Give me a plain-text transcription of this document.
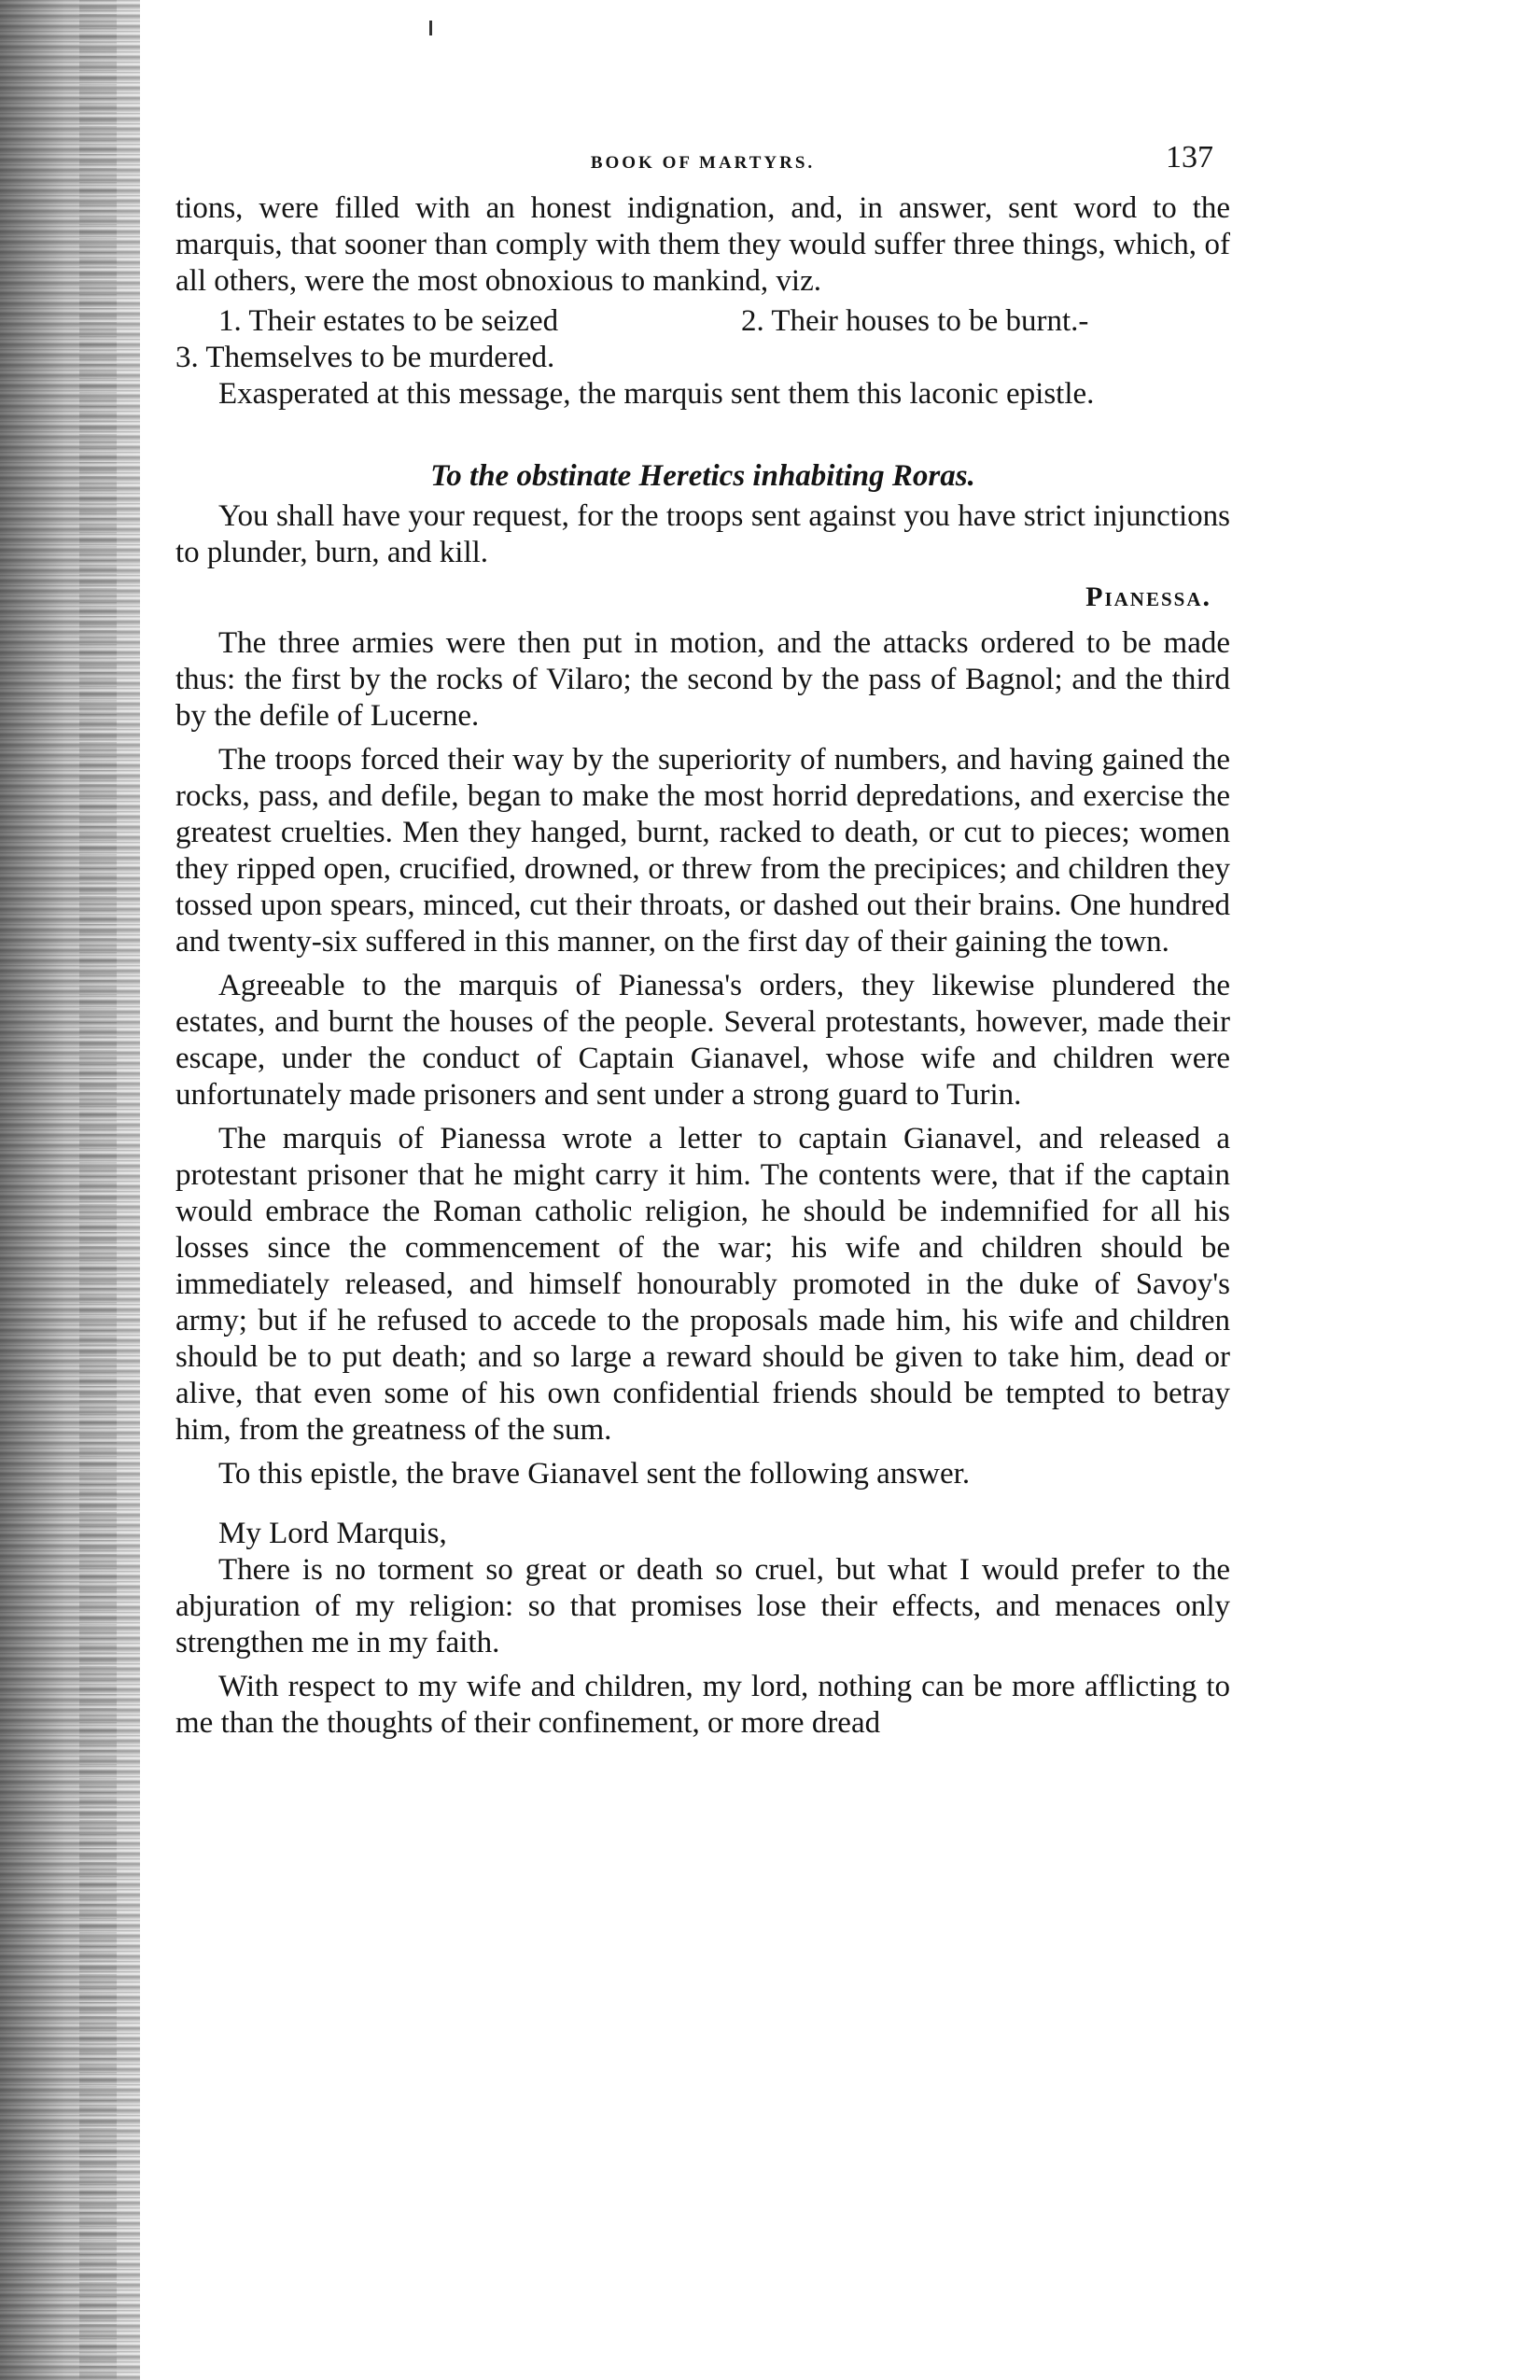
BOOK OF MARTYRS.	137

tions, were filled with an honest indignation, and, in answer, sent word to the marquis, that sooner than comply with them they would suffer three things, which, of all others, were the most obnoxious to mankind, viz.

1. Their estates to be seized	2. Their houses to be burnt.-
3. Themselves to be murdered.

Exasperated at this message, the marquis sent them this laconic epistle.

To the obstinate Heretics inhabiting Roras.

You shall have your request, for the troops sent against you have strict injunctions to plunder, burn, and kill.

Pianessa.

The three armies were then put in motion, and the attacks ordered to be made thus: the first by the rocks of Vilaro; the second by the pass of Bagnol; and the third by the defile of Lucerne.

The troops forced their way by the superiority of numbers, and having gained the rocks, pass, and defile, began to make the most horrid depredations, and exercise the greatest cruelties. Men they hanged, burnt, racked to death, or cut to pieces; women they ripped open, crucified, drowned, or threw from the precipices; and children they tossed upon spears, minced, cut their throats, or dashed out their brains. One hundred and twenty-six suffered in this manner, on the first day of their gaining the town.

Agreeable to the marquis of Pianessa's orders, they likewise plundered the estates, and burnt the houses of the people. Several protestants, however, made their escape, under the conduct of Captain Gianavel, whose wife and children were unfortunately made prisoners and sent under a strong guard to Turin.

The marquis of Pianessa wrote a letter to captain Gianavel, and released a protestant prisoner that he might carry it him. The contents were, that if the captain would embrace the Roman catholic religion, he should be indemnified for all his losses since the commencement of the war; his wife and children should be immediately released, and himself honourably promoted in the duke of Savoy's army; but if he refused to accede to the proposals made him, his wife and children should be to put death; and so large a reward should be given to take him, dead or alive, that even some of his own confidential friends should be tempted to betray him, from the greatness of the sum.

To this epistle, the brave Gianavel sent the following answer.

My Lord Marquis,

There is no torment so great or death so cruel, but what I would prefer to the abjuration of my religion: so that promises lose their effects, and menaces only strengthen me in my faith.

With respect to my wife and children, my lord, nothing can be more afflicting to me than the thoughts of their confinement, or more dread
